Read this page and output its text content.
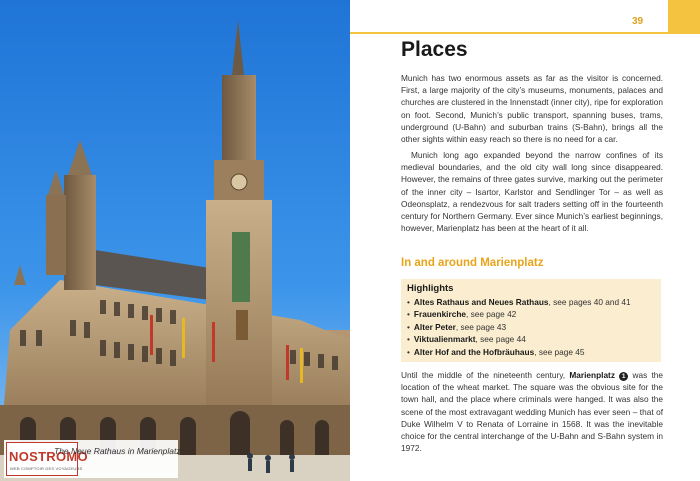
NOSTROMO
WEB COMPTOIR DES VOYAGEURS
The Neue Rathaus in Marienplatz
39
Places

Munich has two enormous assets as far as the visitor is concerned. First, a large majority of the city’s museums, monuments, palaces and churches are clustered in the Innenstadt (inner city), ripe for exploration on foot. Second, Munich’s public transport, spanning buses, trams, underground (U-Bahn) and suburban trains (S-Bahn), brings all the other sights within easy reach so there is no need for a car.

Munich long ago expanded beyond the narrow confines of its medieval boundaries, and the old city wall long since disappeared. However, the remains of three gates survive, marking out the perimeter of the inner city – Isartor, Karlstor and Sendlinger Tor – as well as Odeonsplatz, a rendezvous for salt traders setting off in the fourteenth century for Northern Germany. Ever since Munich’s earliest beginnings, however, Marienplatz has been at the heart of it all.

In and around Marienplatz
Highlights
• Altes Rathaus and Neues Rathaus, see pages 40 and 41
• Frauenkirche, see page 42
• Alter Peter, see page 43
• Viktualienmarkt, see page 44
• Alter Hof and the Hofbräuhaus, see page 45

Until the middle of the nineteenth century, Marienplatz 1 was the location of the wheat market. The square was the obvious site for the town hall, and the place where criminals were hanged. It was also the scene of the most extravagant wedding Munich has ever seen – that of Duke Wilhelm V to Renata of Lorraine in 1568. It was the inevitable choice for the central interchange of the U-Bahn and S-Bahn system in 1972.
